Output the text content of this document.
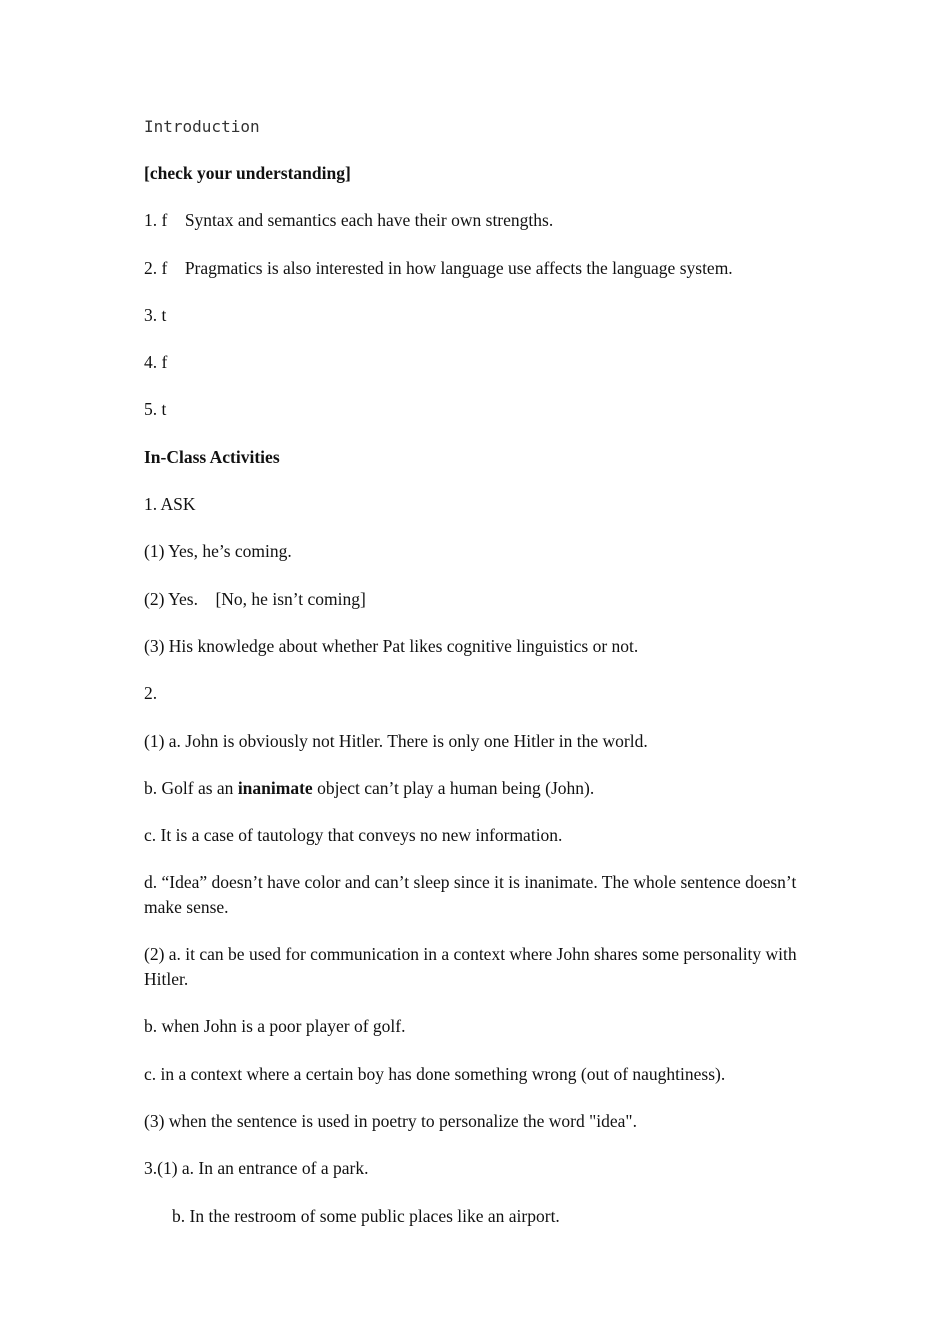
Introduction
[check your understanding]
1. f    Syntax and semantics each have their own strengths.
2. f    Pragmatics is also interested in how language use affects the language system.
3. t
4. f
5. t
In-Class Activities
1. ASK
(1) Yes, he’s coming.
(2) Yes.    [No, he isn’t coming]
(3) His knowledge about whether Pat likes cognitive linguistics or not.
2.
(1) a. John is obviously not Hitler. There is only one Hitler in the world.
b. Golf as an inanimate object can’t play a human being (John).
c. It is a case of tautology that conveys no new information.
d. “Idea” doesn’t have color and can’t sleep since it is inanimate. The whole sentence doesn’t make sense.
(2) a. it can be used for communication in a context where John shares some personality with Hitler.
b. when John is a poor player of golf.
c. in a context where a certain boy has done something wrong (out of naughtiness).
(3) when the sentence is used in poetry to personalize the word "idea".
3.(1) a. In an entrance of a park.
b. In the restroom of some public places like an airport.
